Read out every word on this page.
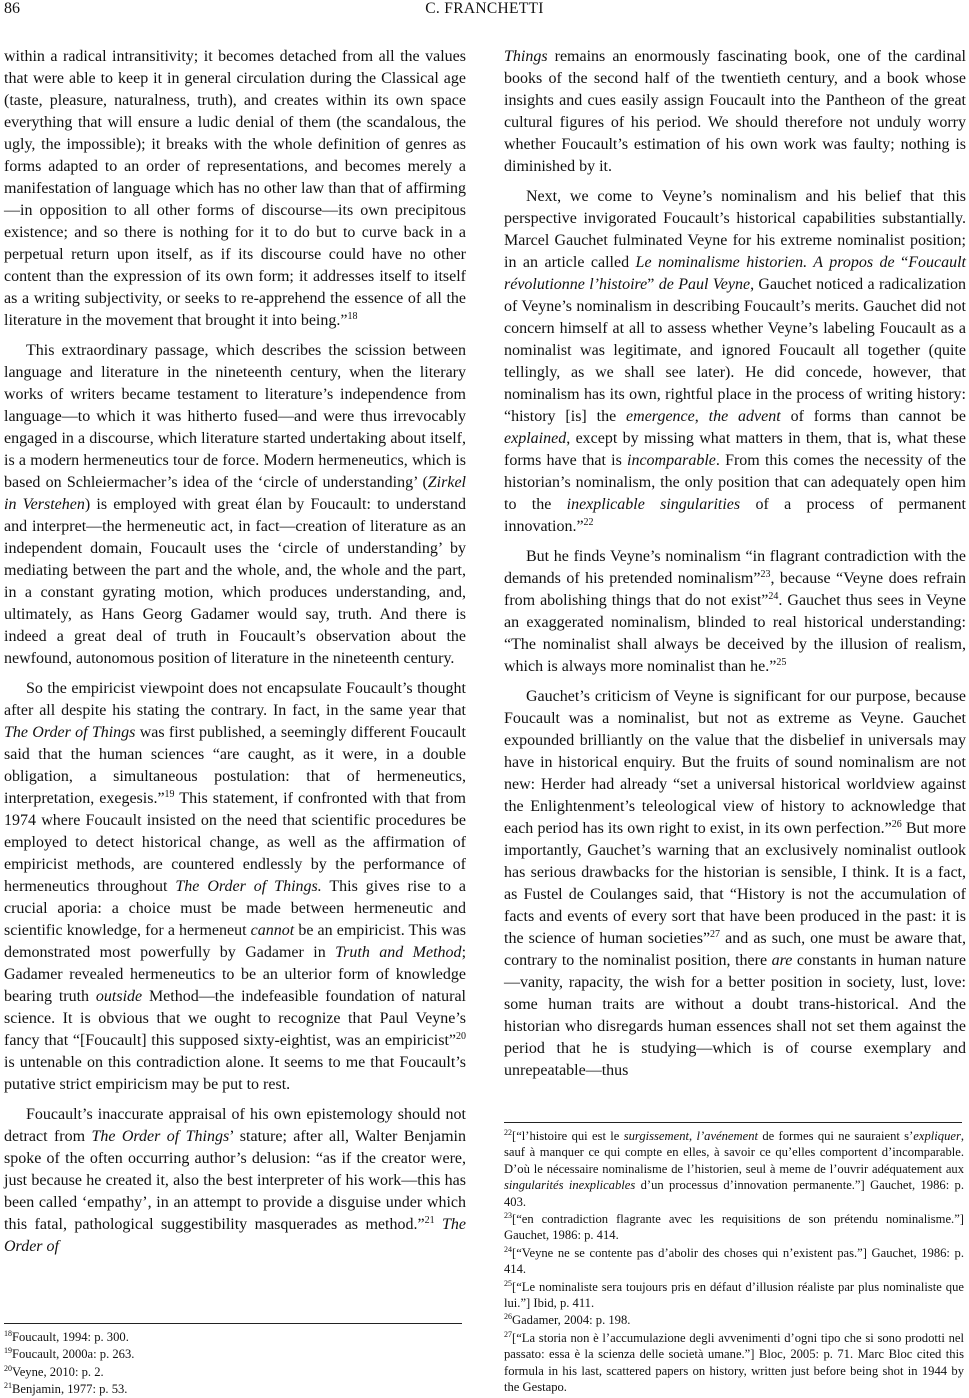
86	C. FRANCHETTI

within a radical intransitivity; it becomes detached from all the values that were able to keep it in general circulation during the Classical age (taste, pleasure, naturalness, truth), and creates within its own space everything that will ensure a ludic denial of them (the scandalous, the ugly, the impossible); it breaks with the whole definition of genres as forms adapted to an order of representations, and becomes merely a manifestation of language which has no other law than that of affirming—in opposition to all other forms of discourse—its own precipitous existence; and so there is nothing for it to do but to curve back in a perpetual return upon itself, as if its discourse could have no other content than the expression of its own form; it addresses itself to itself as a writing subjectivity, or seeks to re-apprehend the essence of all the literature in the movement that brought it into being.”$^{18}$

This extraordinary passage, which describes the scission between language and literature in the nineteenth century, when the literary works of writers became testament to literature’s independence from language—to which it was hitherto fused—and were thus irrevocably engaged in a discourse, which literature started undertaking about itself, is a modern hermeneutics tour de force. Modern hermeneutics, which is based on Schleiermacher’s idea of the ‘circle of understanding’ (Zirkel in Verstehen) is employed with great élan by Foucault: to understand and interpret—the hermeneutic act, in fact—creation of literature as an independent domain, Foucault uses the ‘circle of understanding’ by mediating between the part and the whole, and, the whole and the part, in a constant gyrating motion, which produces understanding, and, ultimately, as Hans Georg Gadamer would say, truth. And there is indeed a great deal of truth in Foucault’s observation about the newfound, autonomous position of literature in the nineteenth century.

So the empiricist viewpoint does not encapsulate Foucault’s thought after all despite his stating the contrary. In fact, in the same year that The Order of Things was first published, a seemingly different Foucault said that the human sciences “are caught, as it were, in a double obligation, a simultaneous postulation: that of hermeneutics, interpretation, exegesis.”$^{19}$ This statement, if confronted with that from 1974 where Foucault insisted on the need that scientific procedures be employed to detect historical change, as well as the affirmation of empiricist methods, are countered endlessly by the performance of hermeneutics throughout The Order of Things. This gives rise to a crucial aporia: a choice must be made between hermeneutic and scientific knowledge, for a hermeneut cannot be an empiricist. This was demonstrated most powerfully by Gadamer in Truth and Method; Gadamer revealed hermeneutics to be an ulterior form of knowledge bearing truth outside Method—the indefeasible foundation of natural science. It is obvious that we ought to recognize that Paul Veyne’s fancy that “[Foucault] this supposed sixty-eightist, was an empiricist”$^{20}$ is untenable on this contradiction alone. It seems to me that Foucault’s putative strict empiricism may be put to rest.

Foucault’s inaccurate appraisal of his own epistemology should not detract from The Order of Things’ stature; after all, Walter Benjamin spoke of the often occurring author’s delusion: “as if the creator were, just because he created it, also the best interpreter of his work—this has been called ‘empathy’, in an attempt to provide a disguise under which this fatal, pathological suggestibility masquerades as method.”$^{21}$ The Order of

Things remains an enormously fascinating book, one of the cardinal books of the second half of the twentieth century, and a book whose insights and cues easily assign Foucault into the Pantheon of the great cultural figures of his period. We should therefore not unduly worry whether Foucault’s estimation of his own work was faulty; nothing is diminished by it.

Next, we come to Veyne’s nominalism and his belief that this perspective invigorated Foucault’s historical capabilities substantially. Marcel Gauchet fulminated Veyne for his extreme nominalist position; in an article called Le nominalisme historien. A propos de “Foucault révolutionne l’histoire” de Paul Veyne, Gauchet noticed a radicalization of Veyne’s nominalism in describing Foucault’s merits. Gauchet did not concern himself at all to assess whether Veyne’s labeling Foucault as a nominalist was legitimate, and ignored Foucault all together (quite tellingly, as we shall see later). He did concede, however, that nominalism has its own, rightful place in the process of writing history: “history [is] the emergence, the advent of forms than cannot be explained, except by missing what matters in them, that is, what these forms have that is incomparable. From this comes the necessity of the historian’s nominalism, the only position that can adequately open him to the inexplicable singularities of a process of permanent innovation.”$^{22}$

But he finds Veyne’s nominalism “in flagrant contradiction with the demands of his pretended nominalism”$^{23}$, because “Veyne does refrain from abolishing things that do not exist”$^{24}$. Gauchet thus sees in Veyne an exaggerated nominalism, blinded to real historical understanding: “The nominalist shall always be deceived by the illusion of realism, which is always more nominalist than he.”$^{25}$

Gauchet’s criticism of Veyne is significant for our purpose, because Foucault was a nominalist, but not as extreme as Veyne. Gauchet expounded brilliantly on the value that the disbelief in universals may have in historical enquiry. But the fruits of sound nominalism are not new: Herder had already “set a universal historical worldview against the Enlightenment’s teleological view of history to acknowledge that each period has its own right to exist, in its own perfection.”$^{26}$ But more importantly, Gauchet’s warning that an exclusively nominalist outlook has serious drawbacks for the historian is sensible, I think. It is a fact, as Fustel de Coulanges said, that “History is not the accumulation of facts and events of every sort that have been produced in the past: it is the science of human societies”$^{27}$ and as such, one must be aware that, contrary to the nominalist position, there are constants in human nature—vanity, rapacity, the wish for a better position in society, lust, love: some human traits are without a doubt trans-historical. And the historian who disregards human essences shall not set them against the period that he is studying—which is of course exemplary and unrepeatable—thus

$^{18}$Foucault, 1994: p. 300.

$^{19}$Foucault, 2000a: p. 263.

$^{20}$Veyne, 2010: p. 2.

$^{21}$Benjamin, 1977: p. 53.

$^{22}$[“l’histoire qui est le surgissement, l’avénement de formes qui ne sauraient s’expliquer, sauf à manquer ce qui compte en elles, à savoir ce qu’elles comportent d’incomparable. D’où le nécessaire nominalisme de l’historien, seul à meme de l’ouvrir adéquatement aux singularités inexplicables d’un processus d’innovation permanente.”] Gauchet, 1986: p. 403.

$^{23}$[“en contradiction flagrante avec les requisitions de son prétendu nominalisme.”] Gauchet, 1986: p. 414.

$^{24}$[“Veyne ne se contente pas d’abolir des choses qui n’existent pas.”] Gauchet, 1986: p. 414.

$^{25}$[“Le nominaliste sera toujours pris en défaut d’illusion réaliste par plus nominaliste que lui.”] Ibid, p. 411.

$^{26}$Gadamer, 2004: p. 198.

$^{27}$[“La storia non è l’accumulazione degli avvenimenti d’ogni tipo che si sono prodotti nel passato: essa è la scienza delle società umane.”] Bloc, 2005: p. 71. Marc Bloc cited this formula in his last, scattered papers on history, written just before being shot in 1944 by the Gestapo.
